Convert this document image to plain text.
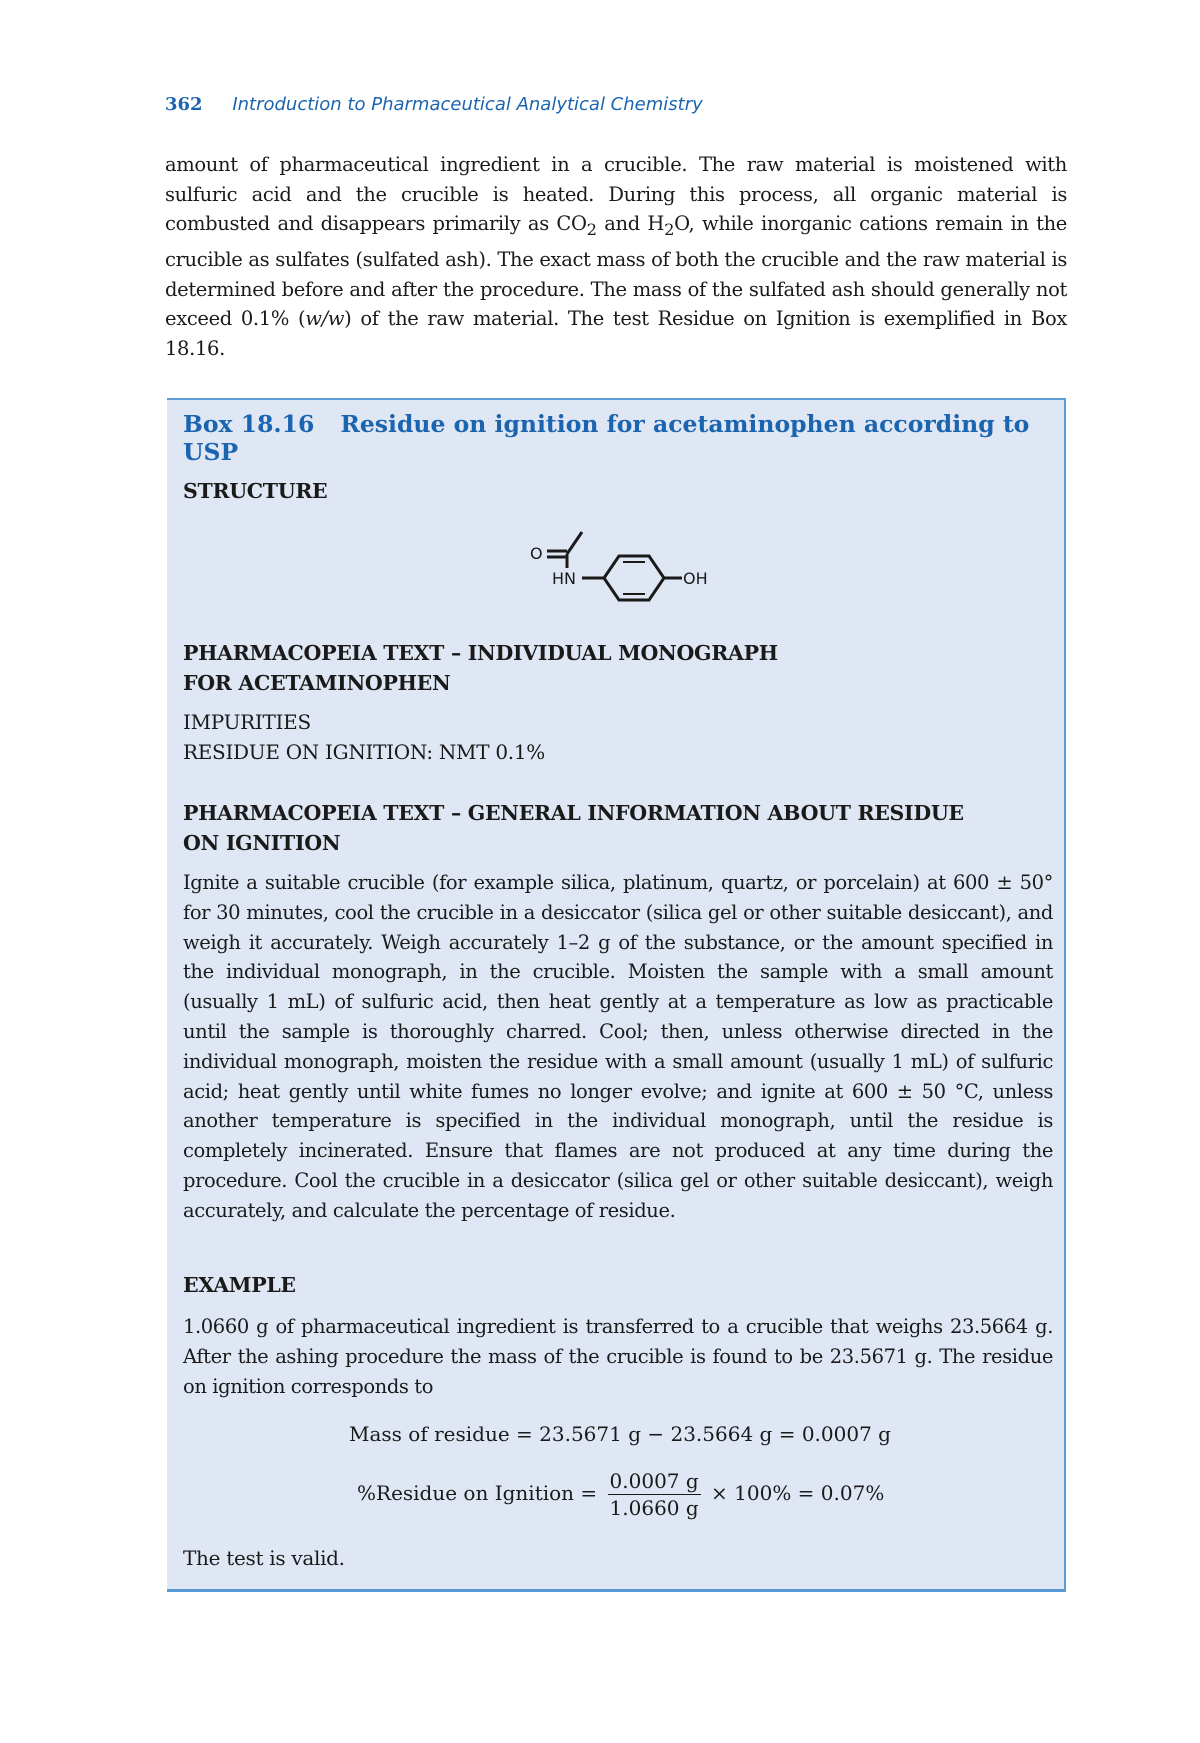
362 Introduction to Pharmaceutical Analytical Chemistry

amount of pharmaceutical ingredient in a crucible. The raw material is moistened with sulfuric acid and the crucible is heated. During this process, all organic material is combusted and disappears primarily as $CO_2$ and $H_2O$, while inorganic cations remain in the crucible as sulfates (sulfated ash). The exact mass of both the crucible and the raw material is determined before and after the procedure. The mass of the sulfated ash should generally not exceed 0.1% (w/w) of the raw material. The test Residue on Ignition is exemplified in Box 18.16.

Box 18.16 Residue on ignition for acetaminophen according to USP
STRUCTURE
O
HN	OH
PHARMACOPEIA TEXT – INDIVIDUAL MONOGRAPH
FOR ACETAMINOPHEN
IMPURITIES
RESIDUE ON IGNITION: NMT 0.1%
PHARMACOPEIA TEXT – GENERAL INFORMATION ABOUT RESIDUE
ON IGNITION

Ignite a suitable crucible (for example silica, platinum, quartz, or porcelain) at 600 ± 50° for 30 minutes, cool the crucible in a desiccator (silica gel or other suitable desiccant), and weigh it accurately. Weigh accurately 1–2 g of the substance, or the amount specified in the individual monograph, in the crucible. Moisten the sample with a small amount (usually 1 mL) of sulfuric acid, then heat gently at a temperature as low as practicable until the sample is thoroughly charred. Cool; then, unless otherwise directed in the individual monograph, moisten the residue with a small amount (usually 1 mL) of sulfuric acid; heat gently until white fumes no longer evolve; and ignite at 600 ± 50 °C, unless another temperature is specified in the individual monograph, until the residue is completely incinerated. Ensure that flames are not produced at any time during the procedure. Cool the crucible in a desiccator (silica gel or other suitable desiccant), weigh accurately, and calculate the percentage of residue.

EXAMPLE

1.0660 g of pharmaceutical ingredient is transferred to a crucible that weighs 23.5664 g. After the ashing procedure the mass of the crucible is found to be 23.5671 g. The residue on ignition corresponds to

Mass of residue = 23.5671 g − 23.5664 g = 0.0007 g
%Residue on Ignition = $\frac{0.0007 g}{1.0660 g} \times 100\% = 0.07\%$
The test is valid.
